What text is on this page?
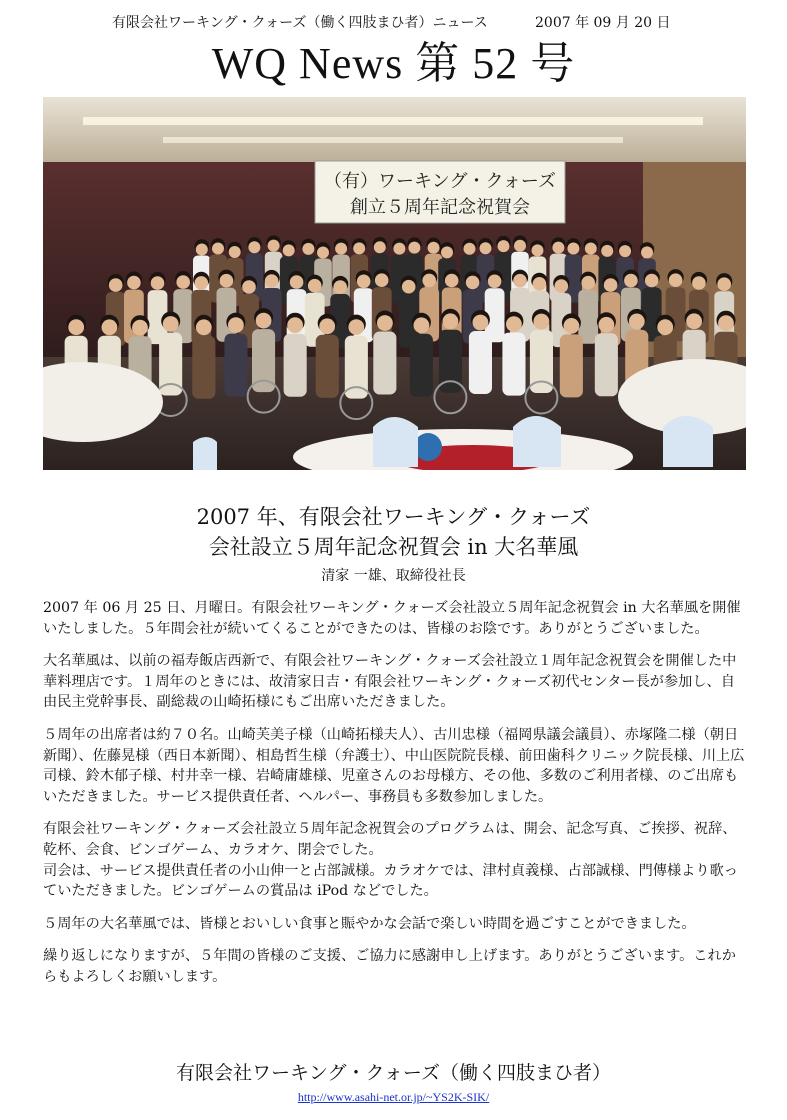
有限会社ワーキング・クォーズ（働く四肢まひ者）ニュース	2007 年 09 月 20 日
WQ News 第 52 号
（有）ワーキング・クォーズ
創立５周年記念祝賀会
2007 年、有限会社ワーキング・クォーズ
会社設立５周年記念祝賀会 in 大名華風
清家 一雄、取締役社長

2007 年 06 月 25 日、月曜日。有限会社ワーキング・クォーズ会社設立５周年記念祝賀会 in 大名華風を開催いたしました。５年間会社が続いてくることができたのは、皆様のお陰です。ありがとうございました。

大名華風は、以前の福寿飯店西新で、有限会社ワーキング・クォーズ会社設立１周年記念祝賀会を開催した中華料理店です。１周年のときには、故清家日吉・有限会社ワーキング・クォーズ初代センター長が参加し、自由民主党幹事長、副総裁の山崎拓様にもご出席いただきました。

５周年の出席者は約７０名。山崎芙美子様（山崎拓様夫人）、古川忠様（福岡県議会議員）、赤塚隆二様（朝日新聞）、佐藤晃様（西日本新聞）、相島哲生様（弁護士）、中山医院院長様、前田歯科クリニック院長様、川上広司様、鈴木郁子様、村井幸一様、岩崎庸雄様、児童さんのお母様方、その他、多数のご利用者様、のご出席もいただきました。サービス提供責任者、ヘルパー、事務員も多数参加しました。

有限会社ワーキング・クォーズ会社設立５周年記念祝賀会のプログラムは、開会、記念写真、ご挨拶、祝辞、乾杯、会食、ビンゴゲーム、カラオケ、閉会でした。

司会は、サービス提供責任者の小山伸一と占部誠様。カラオケでは、津村貞義様、占部誠様、門傳様より歌っていただきました。ビンゴゲームの賞品は iPod などでした。

５周年の大名華風では、皆様とおいしい食事と賑やかな会話で楽しい時間を過ごすことができました。

繰り返しになりますが、５年間の皆様のご支援、ご協力に感謝申し上げます。ありがとうございます。これからもよろしくお願いします。

有限会社ワーキング・クォーズ（働く四肢まひ者）
http://www.asahi-net.or.jp/~YS2K-SIK/
